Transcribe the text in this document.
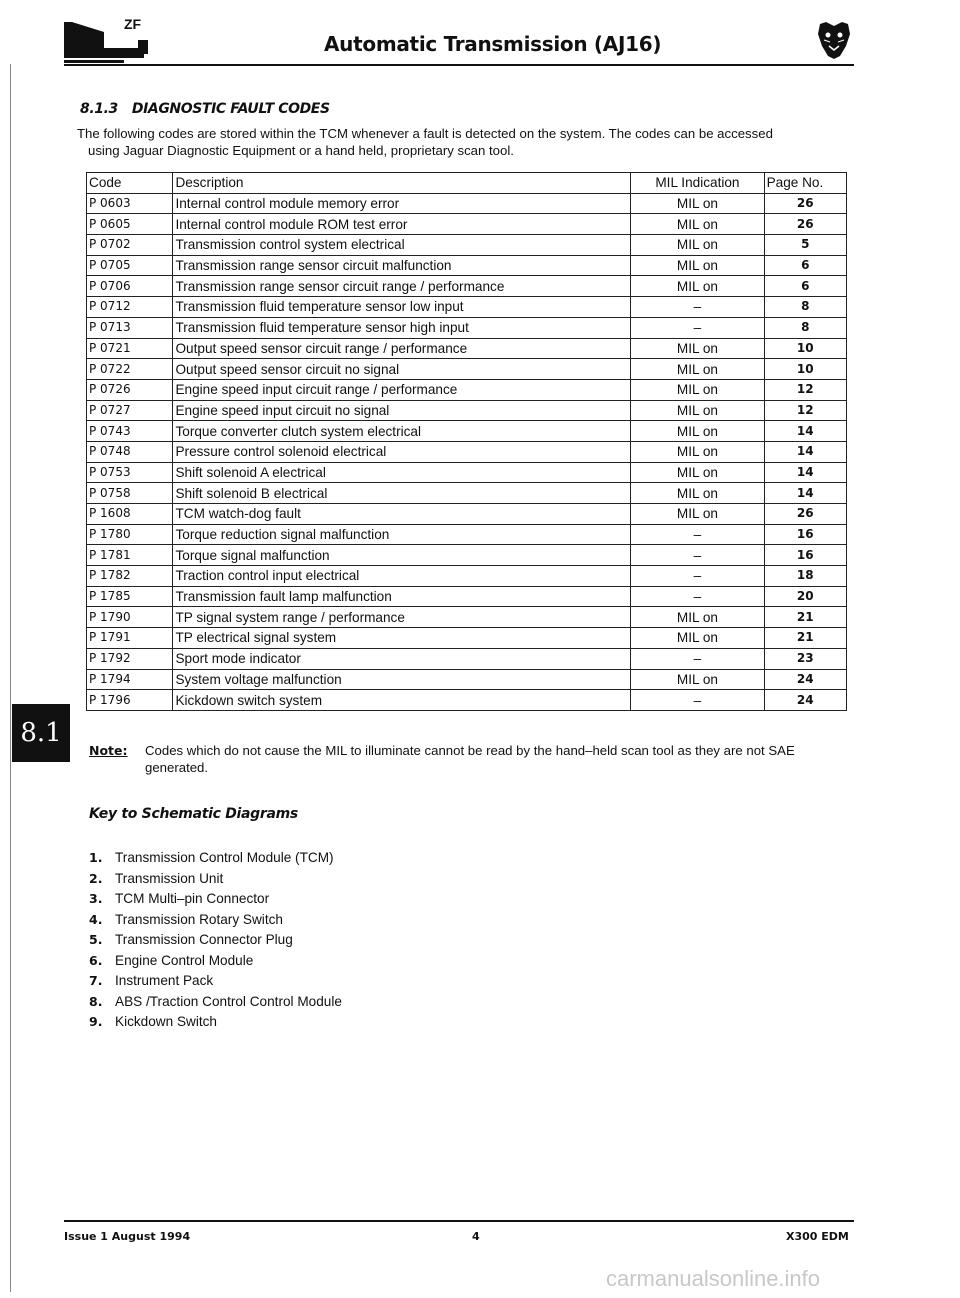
ZF
Automatic Transmission (AJ16)
8.1.3 DIAGNOSTIC FAULT CODES

The following codes are stored within the TCM whenever a fault is detected on the system. The codes can be accessed

using Jaguar Diagnostic Equipment or a hand held, proprietary scan tool.

Code	Description	MIL Indication	Page No.
P 0603	Internal control module memory error	MIL on	26
P 0605	Internal control module ROM test error	MIL on	26
P 0702	Transmission control system electrical	MIL on	5
P 0705	Transmission range sensor circuit malfunction	MIL on	6
P 0706	Transmission range sensor circuit range / performance	MIL on	6
P 0712	Transmission fluid temperature sensor low input	–	8
P 0713	Transmission fluid temperature sensor high input	–	8
P 0721	Output speed sensor circuit range / performance	MIL on	10
P 0722	Output speed sensor circuit no signal	MIL on	10
P 0726	Engine speed input circuit range / performance	MIL on	12
P 0727	Engine speed input circuit no signal	MIL on	12
P 0743	Torque converter clutch system electrical	MIL on	14
P 0748	Pressure control solenoid electrical	MIL on	14
P 0753	Shift solenoid A electrical	MIL on	14
P 0758	Shift solenoid B electrical	MIL on	14
P 1608	TCM watch-dog fault	MIL on	26
P 1780	Torque reduction signal malfunction	–	16
P 1781	Torque signal malfunction	–	16
P 1782	Traction control input electrical	–	18
P 1785	Transmission fault lamp malfunction	–	20
P 1790	TP signal system range / performance	MIL on	21
P 1791	TP electrical signal system	MIL on	21
P 1792	Sport mode indicator	–	23
P 1794	System voltage malfunction	MIL on	24
P 1796	Kickdown switch system	–	24
8.1
Note: Codes which do not cause the MIL to illuminate cannot be read by the hand–held scan tool as they are not SAE
generated.
Key to Schematic Diagrams
1. Transmission Control Module (TCM)
2. Transmission Unit
3. TCM Multi–pin Connector
4. Transmission Rotary Switch
5. Transmission Connector Plug
6. Engine Control Module
7. Instrument Pack
8. ABS /Traction Control Control Module
9. Kickdown Switch
Issue 1 August 1994	4	X300 EDM
carmanualsonline.info
